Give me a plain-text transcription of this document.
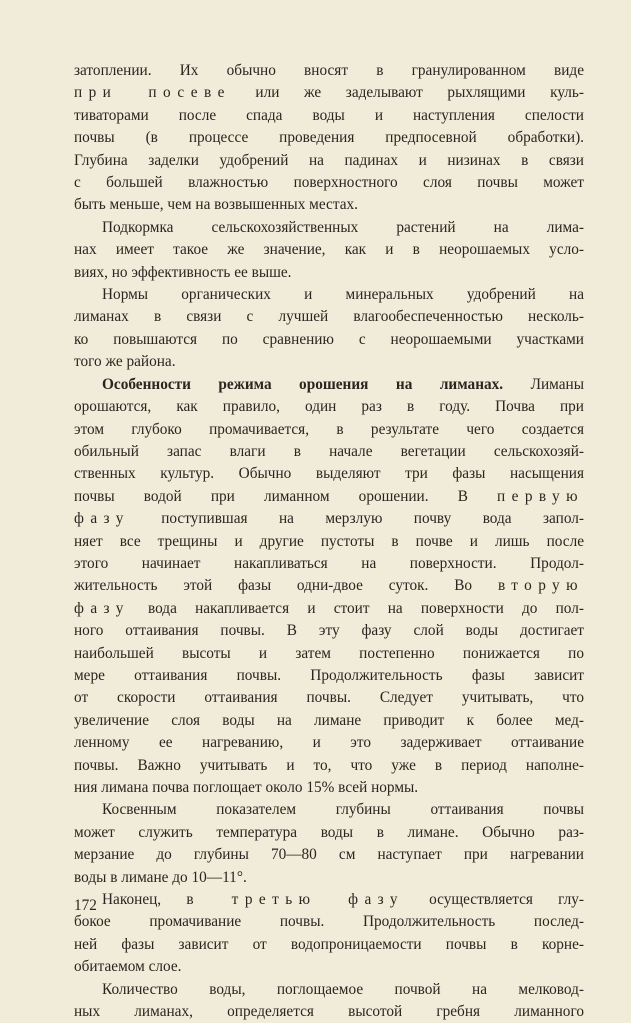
затоплении. Их обычно вносят в гранулированном виде
при посеве или же заделывают рыхлящими куль-
тиваторами после спада воды и наступления спелости
почвы (в процессе проведения предпосевной обработки).
Глубина заделки удобрений на падинах и низинах в связи
с большей влажностью поверхностного слоя почвы может
быть меньше, чем на возвышенных местах.
Подкормка сельскохозяйственных растений на лима-
нах имеет такое же значение, как и в неорошаемых усло-
виях, но эффективность ее выше.
Нормы органических и минеральных удобрений на
лиманах в связи с лучшей влагообеспеченностью несколь-
ко повышаются по сравнению с неорошаемыми участками
того же района.
Особенности режима орошения на лиманах. Лиманы
орошаются, как правило, один раз в году. Почва при
этом глубоко промачивается, в результате чего создается
обильный запас влаги в начале вегетации сельскохозяй-
ственных культур. Обычно выделяют три фазы насыщения
почвы водой при лиманном орошении. В первую
фазу поступившая на мерзлую почву вода запол-
няет все трещины и другие пустоты в почве и лишь после
этого начинает накапливаться на поверхности. Продол-
жительность этой фазы одни-двое суток. Во вторую
фазу вода накапливается и стоит на поверхности до пол-
ного оттаивания почвы. В эту фазу слой воды достигает
наибольшей высоты и затем постепенно понижается по
мере оттаивания почвы. Продолжительность фазы зависит
от скорости оттаивания почвы. Следует учитывать, что
увеличение слоя воды на лимане приводит к более мед-
ленному ее нагреванию, и это задерживает оттаивание
почвы. Важно учитывать и то, что уже в период наполне-
ния лимана почва поглощает около 15% всей нормы.
Косвенным показателем глубины оттаивания почвы
может служить температура воды в лимане. Обычно раз-
мерзание до глубины 70—80 см наступает при нагревании
воды в лимане до 10—11°.
Наконец, в третью фазу осуществляется глу-
бокое промачивание почвы. Продолжительность послед-
ней фазы зависит от водопроницаемости почвы в корне-
обитаемом слое.
Количество воды, поглощаемое почвой на мелковод-
ных лиманах, определяется высотой гребня лиманного
172
